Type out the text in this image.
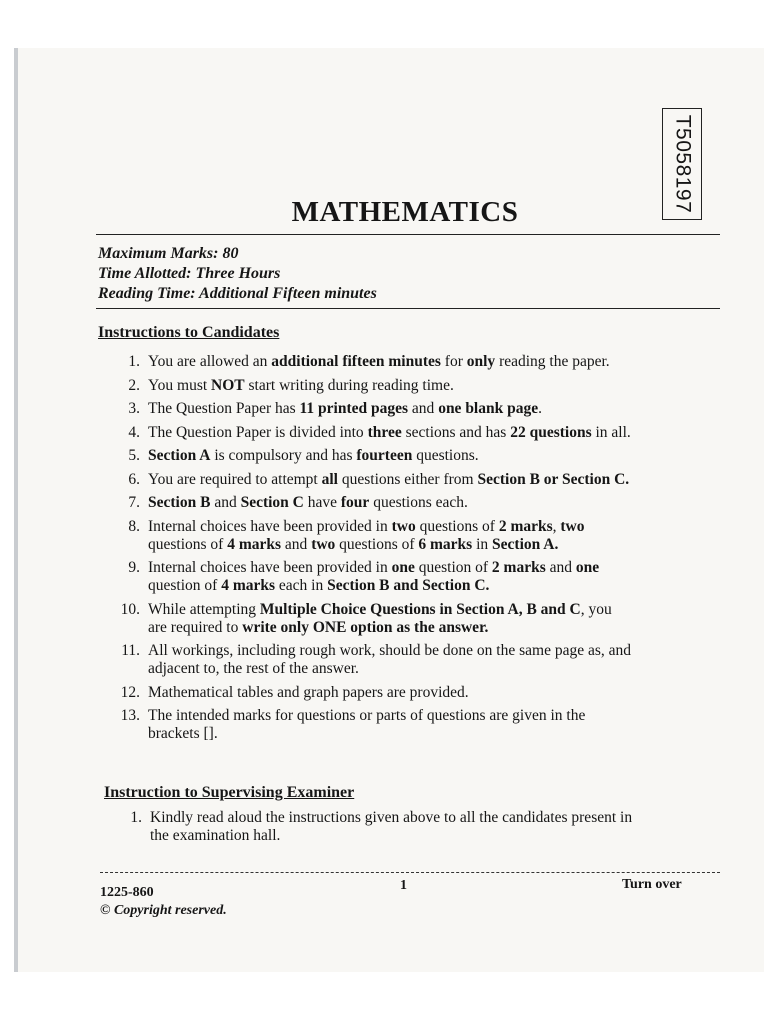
T5058197
MATHEMATICS
Maximum Marks: 80
Time Allotted: Three Hours
Reading Time: Additional Fifteen minutes
Instructions to Candidates
1. You are allowed an additional fifteen minutes for only reading the paper.
2. You must NOT start writing during reading time.
3. The Question Paper has 11 printed pages and one blank page.
4. The Question Paper is divided into three sections and has 22 questions in all.
5. Section A is compulsory and has fourteen questions.
6. You are required to attempt all questions either from Section B or Section C.
7. Section B and Section C have four questions each.
8. Internal choices have been provided in two questions of 2 marks, two
questions of 4 marks and two questions of 6 marks in Section A.
9. Internal choices have been provided in one question of 2 marks and one
question of 4 marks each in Section B and Section C.
10. While attempting Multiple Choice Questions in Section A, B and C, you
are required to write only ONE option as the answer.
11. All workings, including rough work, should be done on the same page as, and
adjacent to, the rest of the answer.
12. Mathematical tables and graph papers are provided.
13. The intended marks for questions or parts of questions are given in the
brackets [].
Instruction to Supervising Examiner
1. Kindly read aloud the instructions given above to all the candidates present in
the examination hall.
1225-860
© Copyright reserved.
1	Turn over
